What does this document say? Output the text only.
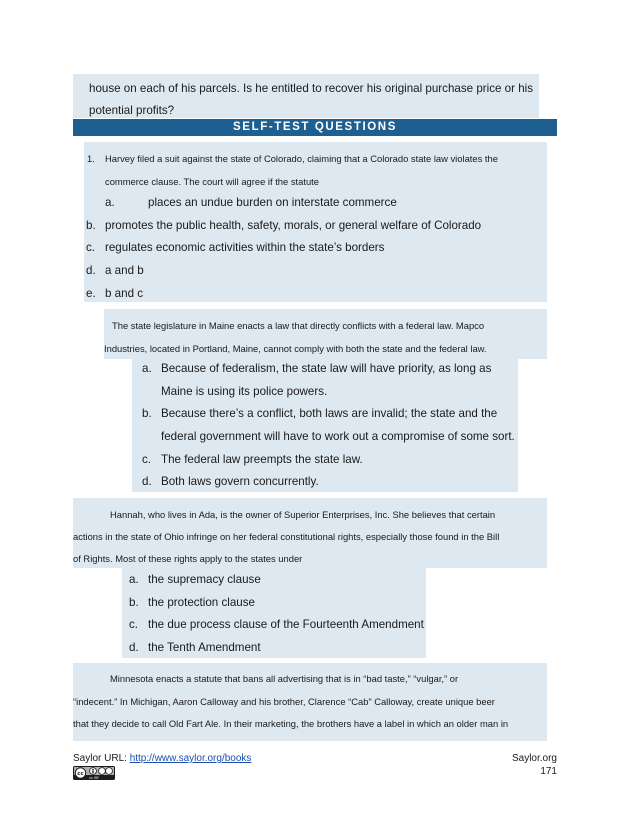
house on each of his parcels. Is he entitled to recover his original purchase price or his
potential profits?
SELF-TEST QUESTIONS
1. Harvey filed a suit against the state of Colorado, claiming that a Colorado state law violates the
commerce clause. The court will agree if the statute
a.	places an undue burden on interstate commerce
b. promotes the public health, safety, morals, or general welfare of Colorado
c. regulates economic activities within the state’s borders
d. a and b
e. b and c
The state legislature in Maine enacts a law that directly conflicts with a federal law. Mapco
Industries, located in Portland, Maine, cannot comply with both the state and the federal law.
a. Because of federalism, the state law will have priority, as long as
Maine is using its police powers.
b. Because there’s a conflict, both laws are invalid; the state and the
federal government will have to work out a compromise of some sort.
c. The federal law preempts the state law.
d. Both laws govern concurrently.
Hannah, who lives in Ada, is the owner of Superior Enterprises, Inc. She believes that certain
actions in the state of Ohio infringe on her federal constitutional rights, especially those found in the Bill
of Rights. Most of these rights apply to the states under
a. the supremacy clause
b. the protection clause
c. the due process clause of the Fourteenth Amendment
d. the Tenth Amendment
Minnesota enacts a statute that bans all advertising that is in “bad taste,” “vulgar,” or
“indecent.” In Michigan, Aaron Calloway and his brother, Clarence “Cab” Calloway, create unique beer
that they decide to call Old Fart Ale. In their marketing, the brothers have a label in which an older man in
Saylor URL: http://www.saylor.org/books	Saylor.org
171
cc
cc BY
